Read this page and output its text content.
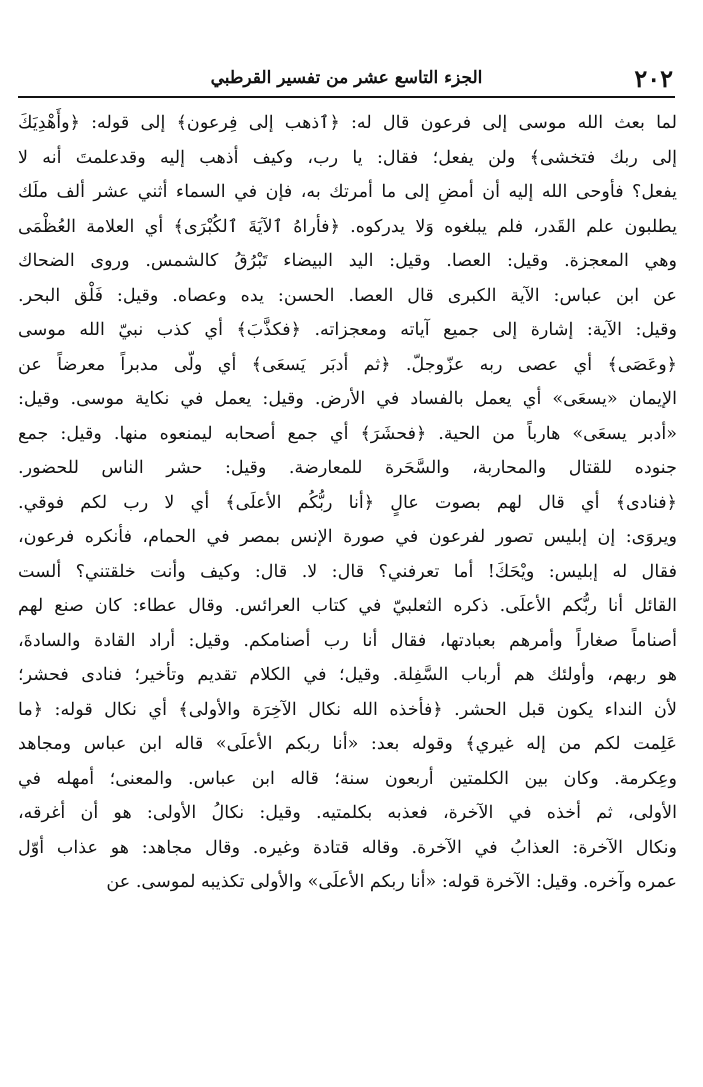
٢٠٢
الجزء التاسع عشر من تفسير القرطبي
لما بعث الله موسى إلى فرعون قال له: ﴿ٱذهب إلى فِرعون﴾ إلى قوله: ﴿وأَهْدِيَكَ
إلى ربك فتخشى﴾ ولن يفعل؛ فقال: يا رب، وكيف أذهب إليه وقدعلمتَ أنه لا
يفعل؟ فأوحى الله إليه أن أمضِ إلى ما أمرتك به، فإن في السماء أثني عشر ألف ملَك
يطلبون علم القَدر، فلم يبلغوه وَلا يدركوه. ﴿فأراهُ ٱلآيَةَ ٱلكُبْرَى﴾ أي العلامة العُظْمَى
وهي المعجزة. وقيل: العصا. وقيل: اليد البيضاء تَبْرُقُ كالشمس. وروى الضحاك
عن ابن عباس: الآية الكبرى قال العصا. الحسن: يده وعصاه. وقيل: فَلْق البحر.
وقيل: الآية: إشارة إلى جميع آياته ومعجزاته. ﴿فكذَّبَ﴾ أي كذب نبيّ الله موسى
﴿وعَصَى﴾ أي عصى ربه عزّوجلّ. ﴿ثم أدبَر يَسعَى﴾ أي ولّى مدبراً معرضاً عن
الإيمان «يسعَى» أي يعمل بالفساد في الأرض. وقيل: يعمل في نكاية موسى. وقيل:
«أدبر يسعَى» هارباً من الحية. ﴿فحشَرَ﴾ أي جمع أصحابه ليمنعوه منها. وقيل: جمع
جنوده للقتال والمحاربة، والسَّحَرة للمعارضة. وقيل: حشر الناس للحضور.
﴿فنادى﴾ أي قال لهم بصوت عالٍ ﴿أنا ربُّكُم الأعلَى﴾ أي لا رب لكم فوقي.
ويروَى: إن إبليس تصور لفرعون في صورة الإنس بمصر في الحمام، فأنكره فرعون،
فقال له إبليس: ويْحَكَ! أما تعرفني؟ قال: لا. قال: وكيف وأنت خلقتني؟ ألست
القائل أنا ربُّكم الأعلَى. ذكره الثعلبيّ في كتاب العرائس. وقال عطاء: كان صنع لهم
أصناماً صغاراً وأمرهم بعبادتها، فقال أنا رب أصنامكم. وقيل: أراد القادة والسادةَ،
هو ربهم، وأولئك هم أرباب السَّفِلة. وقيل؛ في الكلام تقديم وتأخير؛ فنادى فحشر؛
لأن النداء يكون قبل الحشر. ﴿فأخذه الله نكال الآخِرَة والأولى﴾ أي نكال قوله: ﴿ما
عَلِمت لكم من إله غيري﴾ وقوله بعد: «أنا ربكم الأعلَى» قاله ابن عباس ومجاهد
وعِكرمة. وكان بين الكلمتين أربعون سنة؛ قاله ابن عباس. والمعنى؛ أمهله في
الأولى، ثم أخذه في الآخرة، فعذبه بكلمتيه. وقيل: نكالُ الأولى: هو أن أغرقه،
ونكال الآخرة: العذابُ في الآخرة. وقاله قتادة وغيره. وقال مجاهد: هو عذاب أوّل
عمره وآخره. وقيل: الآخرة قوله: «أنا ربكم الأعلَى» والأولى تكذيبه لموسى. عن
